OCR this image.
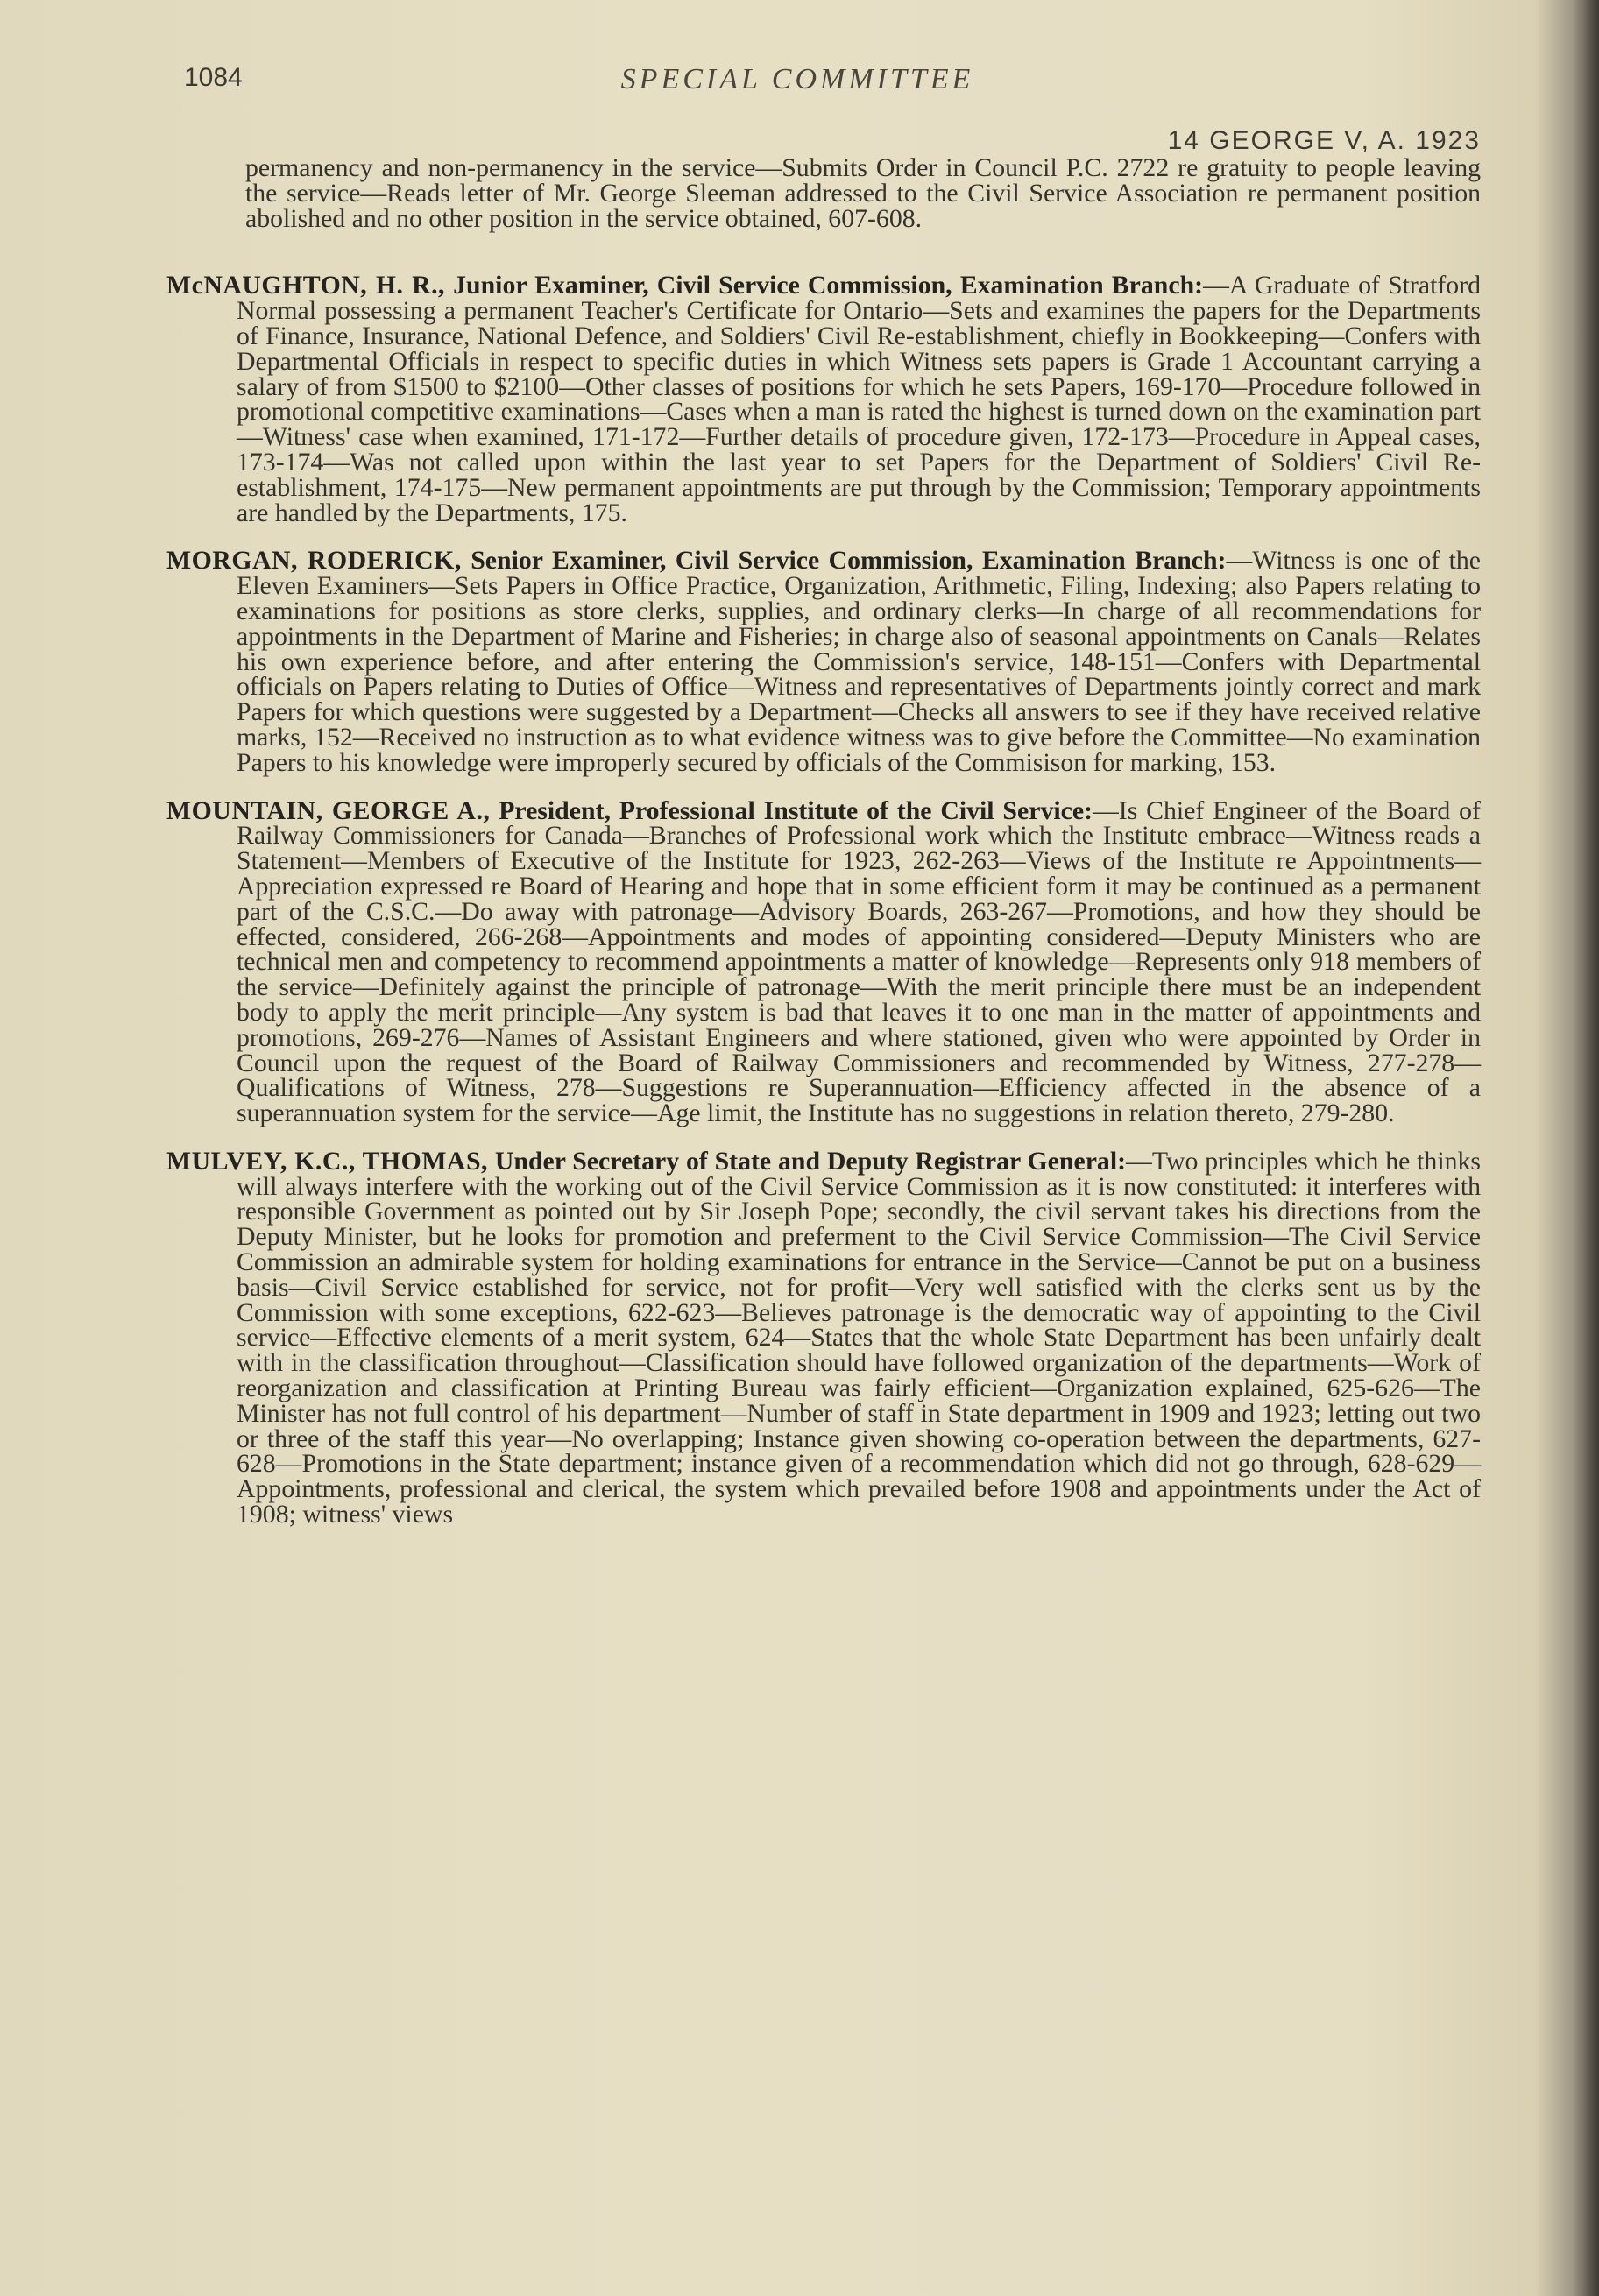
1084	SPECIAL COMMITTEE
14 GEORGE V, A. 1923

permanency and non-permanency in the service—Submits Order in Council P.C. 2722 re gratuity to people leaving the service—Reads letter of Mr. George Sleeman addressed to the Civil Service Association re permanent position abolished and no other position in the service obtained, 607-608.

McNAUGHTON, H. R., Junior Examiner, Civil Service Commission, Examination Branch:—A Graduate of Stratford Normal possessing a permanent Teacher's Certificate for Ontario—Sets and examines the papers for the Departments of Finance, Insurance, National Defence, and Soldiers' Civil Re-establishment, chiefly in Bookkeeping—Confers with Departmental Officials in respect to specific duties in which Witness sets papers is Grade 1 Accountant carrying a salary of from $1500 to $2100—Other classes of positions for which he sets Papers, 169-170—Procedure followed in promotional competitive examinations—Cases when a man is rated the highest is turned down on the examination part—Witness' case when examined, 171-172—Further details of procedure given, 172-173—Procedure in Appeal cases, 173-174—Was not called upon within the last year to set Papers for the Department of Soldiers' Civil Re-establishment, 174-175—New permanent appointments are put through by the Commission; Temporary appointments are handled by the Departments, 175.

MORGAN, RODERICK, Senior Examiner, Civil Service Commission, Examination Branch:—Witness is one of the Eleven Examiners—Sets Papers in Office Practice, Organization, Arithmetic, Filing, Indexing; also Papers relating to examinations for positions as store clerks, supplies, and ordinary clerks—In charge of all recommendations for appointments in the Department of Marine and Fisheries; in charge also of seasonal appointments on Canals—Relates his own experience before, and after entering the Commission's service, 148-151—Confers with Departmental officials on Papers relating to Duties of Office—Witness and representatives of Departments jointly correct and mark Papers for which questions were suggested by a Department—Checks all answers to see if they have received relative marks, 152—Received no instruction as to what evidence witness was to give before the Committee—No examination Papers to his knowledge were improperly secured by officials of the Commisison for marking, 153.

MOUNTAIN, GEORGE A., President, Professional Institute of the Civil Service:—Is Chief Engineer of the Board of Railway Commissioners for Canada—Branches of Professional work which the Institute embrace—Witness reads a Statement—Members of Executive of the Institute for 1923, 262-263—Views of the Institute re Appointments—Appreciation expressed re Board of Hearing and hope that in some efficient form it may be continued as a permanent part of the C.S.C.—Do away with patronage—Advisory Boards, 263-267—Promotions, and how they should be effected, considered, 266-268—Appointments and modes of appointing considered—Deputy Ministers who are technical men and competency to recommend appointments a matter of knowledge—Represents only 918 members of the service—Definitely against the principle of patronage—With the merit principle there must be an independent body to apply the merit principle—Any system is bad that leaves it to one man in the matter of appointments and promotions, 269-276—Names of Assistant Engineers and where stationed, given who were appointed by Order in Council upon the request of the Board of Railway Commissioners and recommended by Witness, 277-278—Qualifications of Witness, 278—Suggestions re Superannuation—Efficiency affected in the absence of a superannuation system for the service—Age limit, the Institute has no suggestions in relation thereto, 279-280.

MULVEY, K.C., THOMAS, Under Secretary of State and Deputy Registrar General:—Two principles which he thinks will always interfere with the working out of the Civil Service Commission as it is now constituted: it interferes with responsible Government as pointed out by Sir Joseph Pope; secondly, the civil servant takes his directions from the Deputy Minister, but he looks for promotion and preferment to the Civil Service Commission—The Civil Service Commission an admirable system for holding examinations for entrance in the Service—Cannot be put on a business basis—Civil Service established for service, not for profit—Very well satisfied with the clerks sent us by the Commission with some exceptions, 622-623—Believes patronage is the democratic way of appointing to the Civil service—Effective elements of a merit system, 624—States that the whole State Department has been unfairly dealt with in the classification throughout—Classification should have followed organization of the departments—Work of reorganization and classification at Printing Bureau was fairly efficient—Organization explained, 625-626—The Minister has not full control of his department—Number of staff in State department in 1909 and 1923; letting out two or three of the staff this year—No overlapping; Instance given showing co-operation between the departments, 627-628—Promotions in the State department; instance given of a recommendation which did not go through, 628-629—Appointments, professional and clerical, the system which prevailed before 1908 and appointments under the Act of 1908; witness' views
